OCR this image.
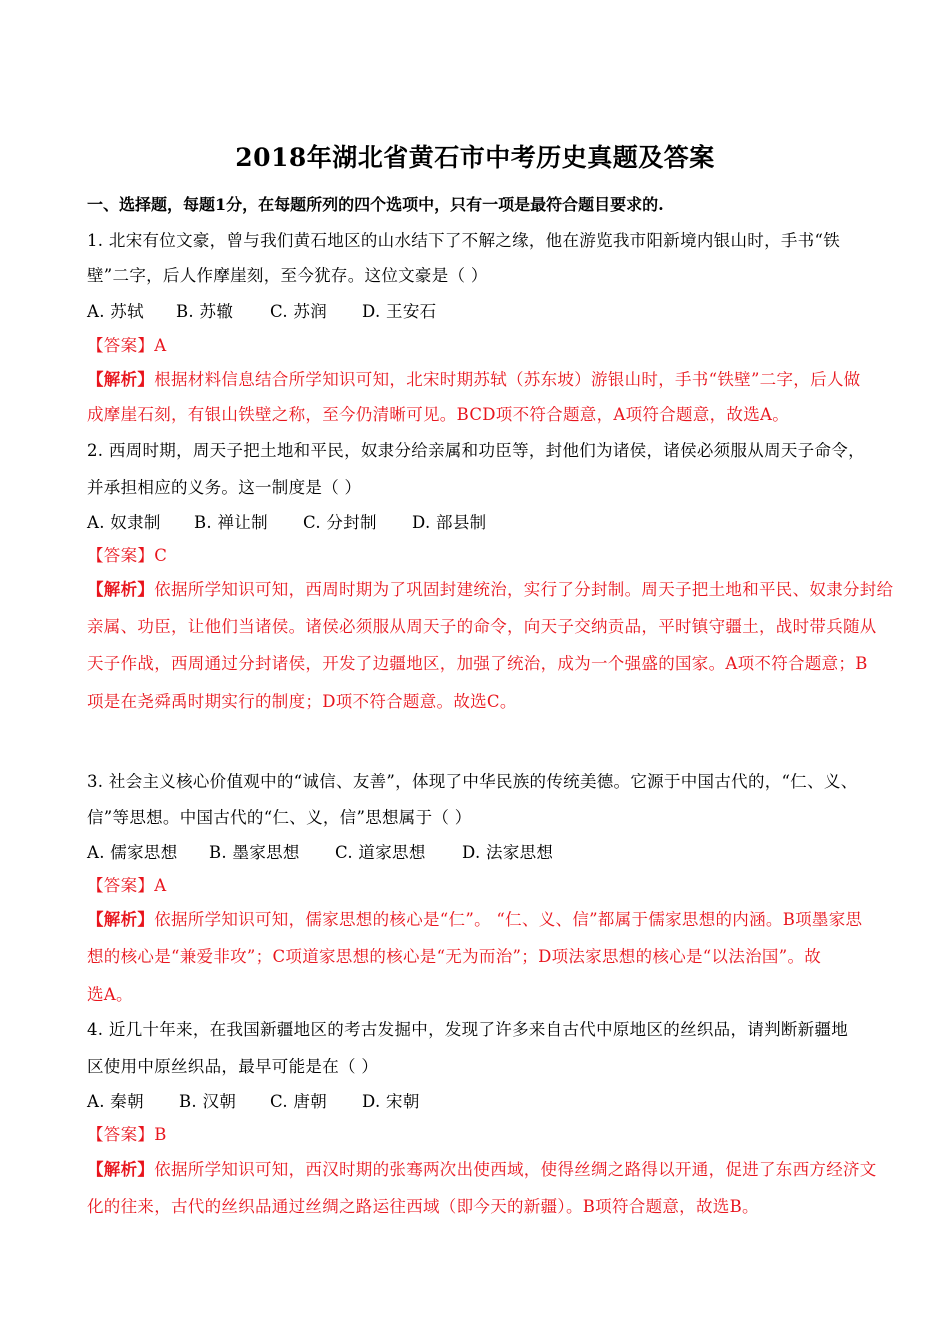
2018年湖北省黄石市中考历史真题及答案
一、选择题，每题1分，在每题所列的四个选项中，只有一项是最符合题目要求的.
1. 北宋有位文豪，曾与我们黄石地区的山水结下了不解之缘，他在游览我市阳新境内银山时，手书“铁
壁”二字，后人作摩崖刻，至今犹存。这位文豪是（ ）
A. 苏轼 B. 苏辙 C. 苏润 D. 王安石
【答案】A
【解析】根据材料信息结合所学知识可知，北宋时期苏轼（苏东坡）游银山时，手书“铁壁”二字，后人做
成摩崖石刻，有银山铁壁之称，至今仍清晰可见。BCD项不符合题意，A项符合题意，故选A。
2. 西周时期，周天子把土地和平民，奴隶分给亲属和功臣等，封他们为诸侯，诸侯必须服从周天子命令，
并承担相应的义务。这一制度是（ ）
A. 奴隶制 B. 禅让制 C. 分封制 D. 部县制
【答案】C
【解析】依据所学知识可知，西周时期为了巩固封建统治，实行了分封制。周天子把土地和平民、奴隶分封给
亲属、功臣，让他们当诸侯。诸侯必须服从周天子的命令，向天子交纳贡品，平时镇守疆土，战时带兵随从
天子作战，西周通过分封诸侯，开发了边疆地区，加强了统治，成为一个强盛的国家。A项不符合题意；B
项是在尧舜禹时期实行的制度；D项不符合题意。故选C。
3. 社会主义核心价值观中的“诚信、友善”，体现了中华民族的传统美德。它源于中国古代的，“仁、义、
信”等思想。中国古代的“仁、义，信”思想属于（ ）
A. 儒家思想 B. 墨家思想 C. 道家思想 D. 法家思想
【答案】A
【解析】依据所学知识可知，儒家思想的核心是“仁”。 “仁、义、信”都属于儒家思想的内涵。B项墨家思
想的核心是“兼爱非攻”；C项道家思想的核心是“无为而治”；D项法家思想的核心是“以法治国”。故
选A。
4. 近几十年来，在我国新疆地区的考古发掘中，发现了许多来自古代中原地区的丝织品，请判断新疆地
区使用中原丝织品，最早可能是在（ ）
A. 秦朝 B. 汉朝 C. 唐朝 D. 宋朝
【答案】B
【解析】依据所学知识可知，西汉时期的张骞两次出使西域，使得丝绸之路得以开通，促进了东西方经济文
化的往来，古代的丝织品通过丝绸之路运往西域（即今天的新疆）。B项符合题意，故选B。
